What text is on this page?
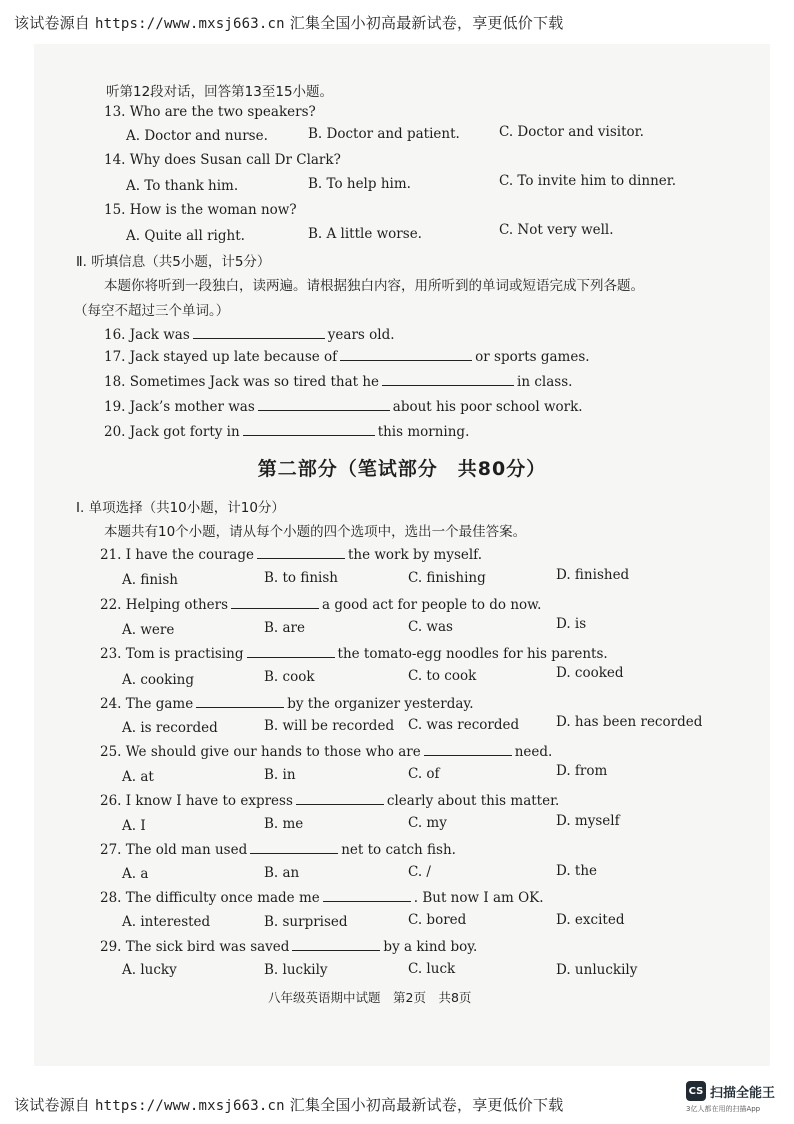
该试卷源自 https://www.mxsj663.cn 汇集全国小初高最新试卷，享更低价下载
听第12段对话，回答第13至15小题。
13. Who are the two speakers?
A. Doctor and nurse.	B. Doctor and patient.	C. Doctor and visitor.
14. Why does Susan call Dr Clark?
A. To thank him.	B. To help him.	C. To invite him to dinner.
15. How is the woman now?
A. Quite all right.	B. A little worse.	C. Not very well.
Ⅱ. 听填信息（共5小题，计5分）
本题你将听到一段独白，读两遍。请根据独白内容，用所听到的单词或短语完成下列各题。
（每空不超过三个单词。）
16. Jack was	years old.
17. Jack stayed up late because of	or sports games.
18. Sometimes Jack was so tired that he	in class.
19. Jack’s mother was	about his poor school work.
20. Jack got forty in	this morning.
第二部分（笔试部分　共80分）
Ⅰ. 单项选择（共10小题，计10分）
本题共有10个小题，请从每个小题的四个选项中，选出一个最佳答案。
21. I have the courage	the work by myself.
A. finish	B. to finish	C. finishing	D. finished
22. Helping others	a good act for people to do now.
A. were	B. are	C. was	D. is
23. Tom is practising	the tomato-egg noodles for his parents.
A. cooking	B. cook	C. to cook	D. cooked
24. The game	by the organizer yesterday.
A. is recorded	B. will be recorded C. was recorded	D. has been recorded
25. We should give our hands to those who are	need.
A. at	B. in	C. of	D. from
26. I know I have to express	clearly about this matter.
A. I	B. me	C. my	D. myself
27. The old man used	net to catch fish.
A. a	B. an	C. /	D. the
28. The difficulty once made me	. But now I am OK.
A. interested	B. surprised	C. bored	D. excited
29. The sick bird was saved	by a kind boy.
A. lucky	B. luckily	C. luck	D. unluckily
八年级英语期中试题　第2页　共8页
该试卷源自 https://www.mxsj663.cn 汇集全国小初高最新试卷，享更低价下载
CS 扫描全能王
3亿人都在用的扫描App
